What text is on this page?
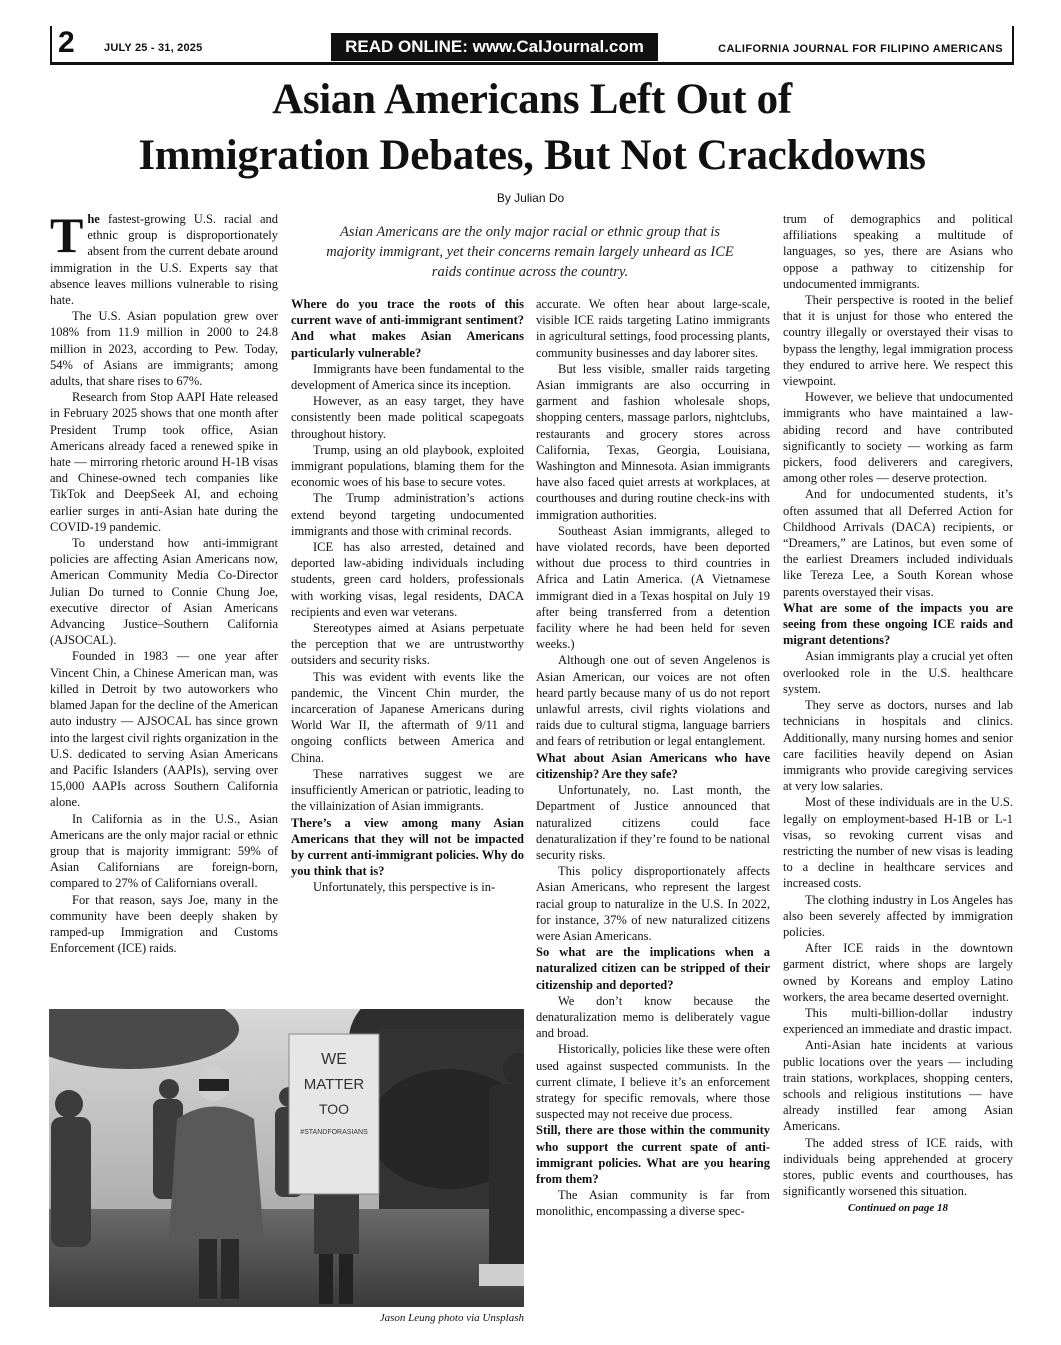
2	JULY 25 - 31, 2025	READ ONLINE: www.CalJournal.com	CALIFORNIA JOURNAL FOR FILIPINO AMERICANS
Asian Americans Left Out of
Immigration Debates, But Not Crackdowns
By Julian Do

The fastest-growing U.S. racial and ethnic group is disproportionately absent from the current debate around immigration in the U.S. Experts say that absence leaves millions vulnerable to rising hate.

The U.S. Asian population grew over 108% from 11.9 million in 2000 to 24.8 million in 2023, according to Pew. Today, 54% of Asians are immigrants; among adults, that share rises to 67%.

Research from Stop AAPI Hate released in February 2025 shows that one month after President Trump took office, Asian Americans already faced a renewed spike in hate — mirroring rhetoric around H-1B visas and Chinese-owned tech companies like TikTok and DeepSeek AI, and echoing earlier surges in anti-Asian hate during the COVID-19 pandemic.

To understand how anti-immigrant policies are affecting Asian Americans now, American Community Media Co-Director Julian Do turned to Connie Chung Joe, executive director of Asian Americans Advancing Justice–Southern California (AJSOCAL).

Founded in 1983 — one year after Vincent Chin, a Chinese American man, was killed in Detroit by two autoworkers who blamed Japan for the decline of the American auto industry — AJSOCAL has since grown into the largest civil rights organization in the U.S. dedicated to serving Asian Americans and Pacific Islanders (AAPIs), serving over 15,000 AAPIs across Southern California alone.

In California as in the U.S., Asian Americans are the only major racial or ethnic group that is majority immigrant: 59% of Asian Californians are foreign-born, compared to 27% of Californians overall.

For that reason, says Joe, many in the community have been deeply shaken by ramped-up Immigration and Customs Enforcement (ICE) raids.

Asian Americans are the only major racial or ethnic group that is majority immigrant, yet their concerns remain largely unheard as ICE raids continue across the country.

Where do you trace the roots of this current wave of anti-immigrant sentiment? And what makes Asian Americans particularly vulnerable?

Immigrants have been fundamental to the development of America since its inception.

However, as an easy target, they have consistently been made political scapegoats throughout history.

Trump, using an old playbook, exploited immigrant populations, blaming them for the economic woes of his base to secure votes.

The Trump administration’s actions extend beyond targeting undocumented immigrants and those with criminal records.

ICE has also arrested, detained and deported law-abiding individuals including students, green card holders, professionals with working visas, legal residents, DACA recipients and even war veterans.

Stereotypes aimed at Asians perpetuate the perception that we are untrustworthy outsiders and security risks.

This was evident with events like the pandemic, the Vincent Chin murder, the incarceration of Japanese Americans during World War II, the aftermath of 9/11 and ongoing conflicts between America and China.

These narratives suggest we are insufficiently American or patriotic, leading to the villainization of Asian immigrants.

There’s a view among many Asian Americans that they will not be impacted by current anti-immigrant policies. Why do you think that is?

Unfortunately, this perspective is in-

accurate. We often hear about large-scale, visible ICE raids targeting Latino immigrants in agricultural settings, food processing plants, community businesses and day laborer sites.

But less visible, smaller raids targeting Asian immigrants are also occurring in garment and fashion wholesale shops, shopping centers, massage parlors, nightclubs, restaurants and grocery stores across California, Texas, Georgia, Louisiana, Washington and Minnesota. Asian immigrants have also faced quiet arrests at workplaces, at courthouses and during routine check-ins with immigration authorities.

Southeast Asian immigrants, alleged to have violated records, have been deported without due process to third countries in Africa and Latin America. (A Vietnamese immigrant died in a Texas hospital on July 19 after being transferred from a detention facility where he had been held for seven weeks.)

Although one out of seven Angelenos is Asian American, our voices are not often heard partly because many of us do not report unlawful arrests, civil rights violations and raids due to cultural stigma, language barriers and fears of retribution or legal entanglement.

What about Asian Americans who have citizenship? Are they safe?

Unfortunately, no. Last month, the Department of Justice announced that naturalized citizens could face denaturalization if they’re found to be national security risks.

This policy disproportionately affects Asian Americans, who represent the largest racial group to naturalize in the U.S. In 2022, for instance, 37% of new naturalized citizens were Asian Americans.

So what are the implications when a naturalized citizen can be stripped of their citizenship and deported?

We don’t know because the denaturalization memo is deliberately vague and broad.

Historically, policies like these were often used against suspected communists. In the current climate, I believe it’s an enforcement strategy for specific removals, where those suspected may not receive due process.

Still, there are those within the community who support the current spate of anti-immigrant policies. What are you hearing from them?

The Asian community is far from monolithic, encompassing a diverse spec-

trum of demographics and political affiliations speaking a multitude of languages, so yes, there are Asians who oppose a pathway to citizenship for undocumented immigrants.

Their perspective is rooted in the belief that it is unjust for those who entered the country illegally or overstayed their visas to bypass the lengthy, legal immigration process they endured to arrive here. We respect this viewpoint.

However, we believe that undocumented immigrants who have maintained a law-abiding record and have contributed significantly to society — working as farm pickers, food deliverers and caregivers, among other roles — deserve protection.

And for undocumented students, it’s often assumed that all Deferred Action for Childhood Arrivals (DACA) recipients, or “Dreamers,” are Latinos, but even some of the earliest Dreamers included individuals like Tereza Lee, a South Korean whose parents overstayed their visas.

What are some of the impacts you are seeing from these ongoing ICE raids and migrant detentions?

Asian immigrants play a crucial yet often overlooked role in the U.S. healthcare system.

They serve as doctors, nurses and lab technicians in hospitals and clinics. Additionally, many nursing homes and senior care facilities heavily depend on Asian immigrants who provide caregiving services at very low salaries.

Most of these individuals are in the U.S. legally on employment-based H-1B or L-1 visas, so revoking current visas and restricting the number of new visas is leading to a decline in healthcare services and increased costs.

The clothing industry in Los Angeles has also been severely affected by immigration policies.

After ICE raids in the downtown garment district, where shops are largely owned by Koreans and employ Latino workers, the area became deserted overnight.

This multi-billion-dollar industry experienced an immediate and drastic impact.

Anti-Asian hate incidents at various public locations over the years — including train stations, workplaces, shopping centers, schools and religious institutions — have already instilled fear among Asian Americans.

The added stress of ICE raids, with individuals being apprehended at grocery stores, public events and courthouses, has significantly worsened this situation.

Continued on page 18
WE
MATTER
TOO
#STANDFORASIANS
Jason Leung photo via Unsplash
